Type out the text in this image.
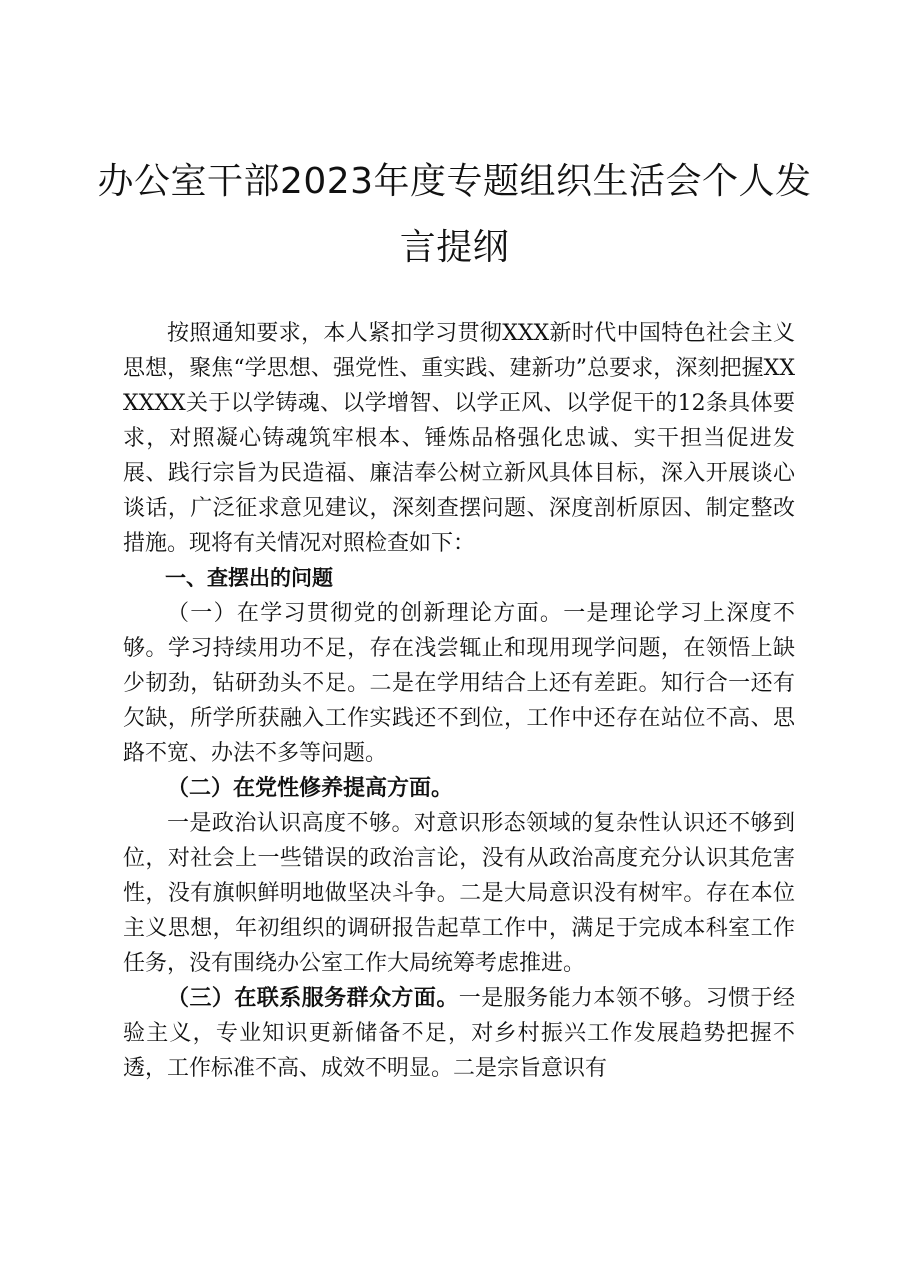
办公室干部2023年度专题组织生活会个人发
言提纲

按照通知要求，本人紧扣学习贯彻XXX新时代中国特色社会主义思想，聚焦“学思想、强党性、重实践、建新功”总要求，深刻把握XXXXXX关于以学铸魂、以学增智、以学正风、以学促干的12条具体要求，对照凝心铸魂筑牢根本、锤炼品格强化忠诚、实干担当促进发展、践行宗旨为民造福、廉洁奉公树立新风具体目标，深入开展谈心谈话，广泛征求意见建议，深刻查摆问题、深度剖析原因、制定整改措施。现将有关情况对照检查如下：

一、查摆出的问题

（一）在学习贯彻党的创新理论方面。一是理论学习上深度不够。学习持续用功不足，存在浅尝辄止和现用现学问题，在领悟上缺少韧劲，钻研劲头不足。二是在学用结合上还有差距。知行合一还有欠缺，所学所获融入工作实践还不到位，工作中还存在站位不高、思路不宽、办法不多等问题。

（二）在党性修养提高方面。

一是政治认识高度不够。对意识形态领域的复杂性认识还不够到位，对社会上一些错误的政治言论，没有从政治高度充分认识其危害性，没有旗帜鲜明地做坚决斗争。二是大局意识没有树牢。存在本位主义思想，年初组织的调研报告起草工作中，满足于完成本科室工作任务，没有围绕办公室工作大局统筹考虑推进。

（三）在联系服务群众方面。一是服务能力本领不够。习惯于经验主义，专业知识更新储备不足，对乡村振兴工作发展趋势把握不透，工作标准不高、成效不明显。二是宗旨意识有
